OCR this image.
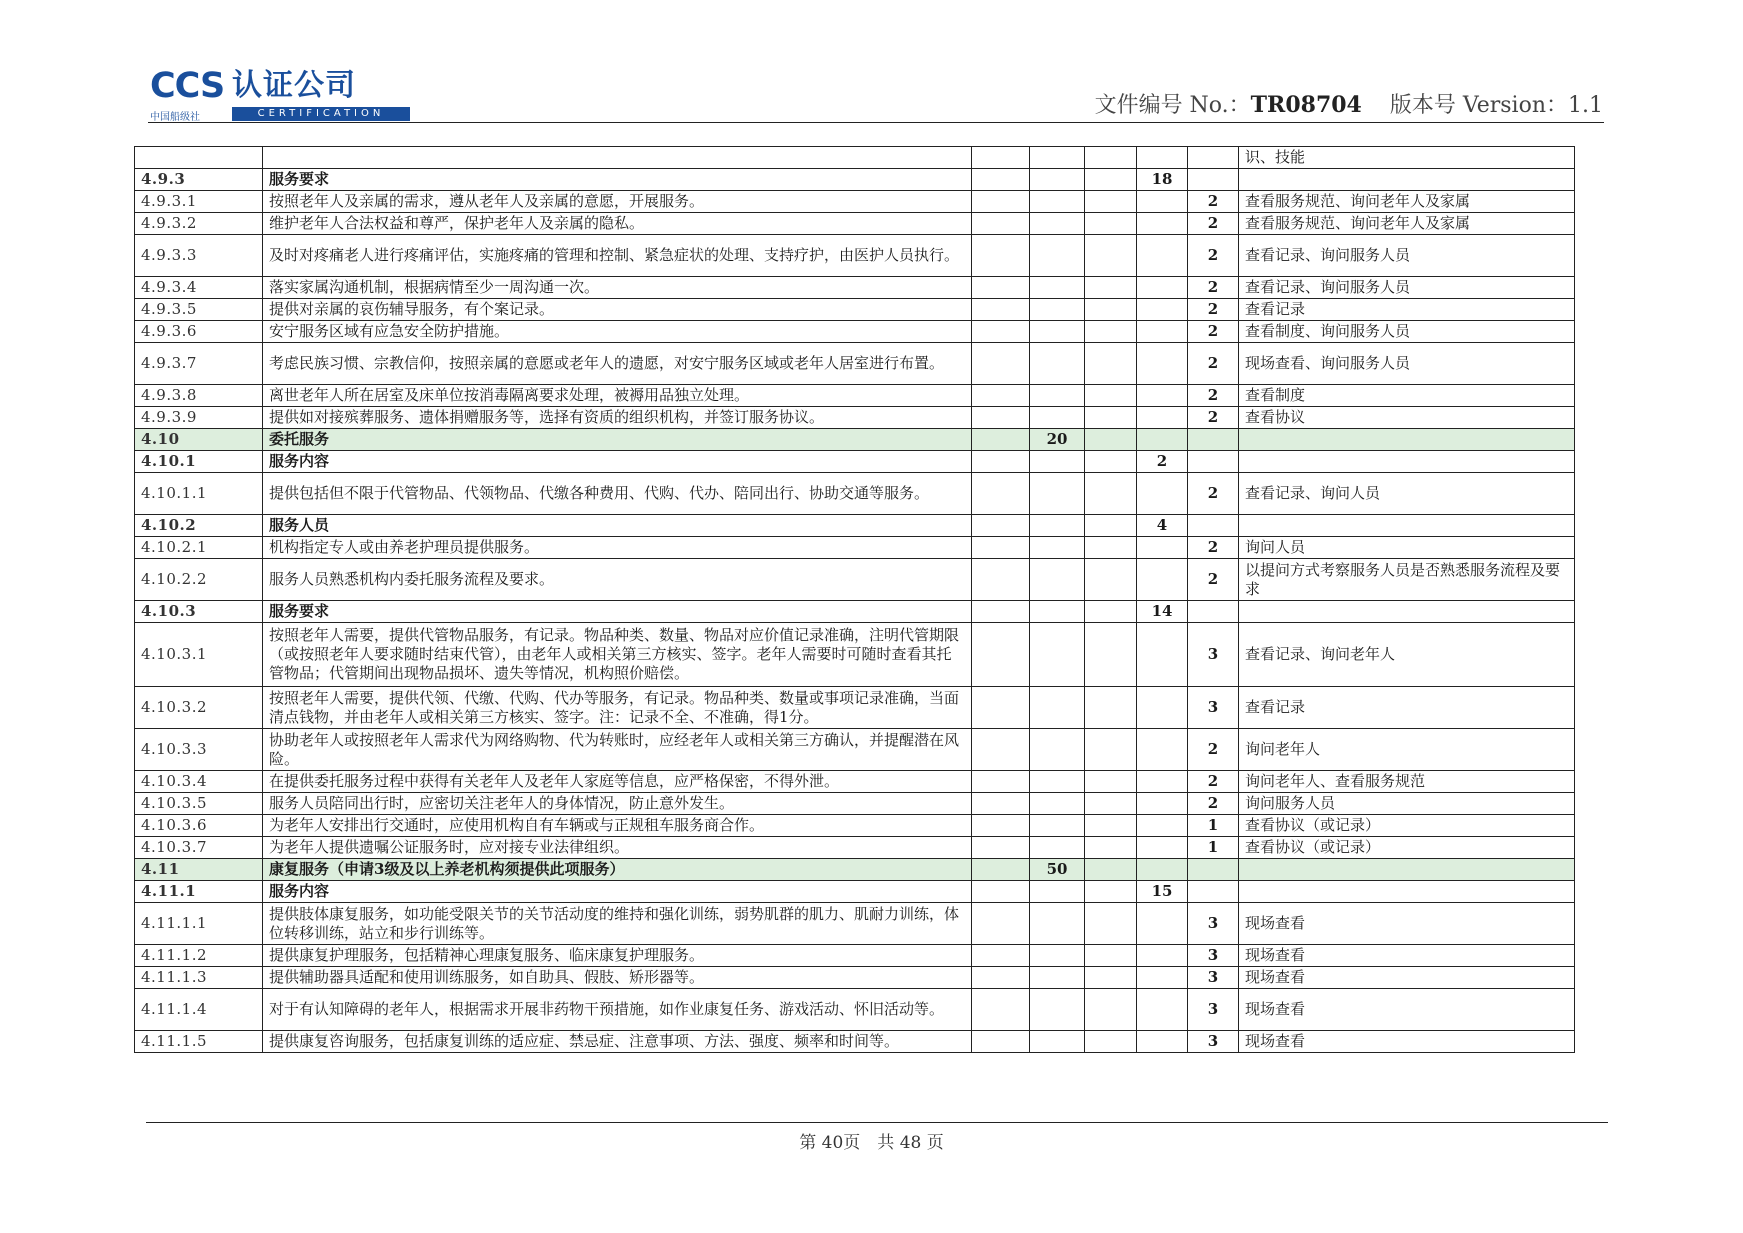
CCS 认证公司
中国船级社	CERTIFICATION	文件编号 No.：TR08704 版本号 Version：1.1
							识、技能
4.9.3	服务要求				18		
4.9.3.1	按照老年人及亲属的需求，遵从老年人及亲属的意愿，开展服务。					2	查看服务规范、询问老年人及家属
4.9.3.2	维护老年人合法权益和尊严，保护老年人及亲属的隐私。					2	查看服务规范、询问老年人及家属
4.9.3.3	及时对疼痛老人进行疼痛评估，实施疼痛的管理和控制、紧急症状的处理、支持疗护，由医护人员执行。					2	查看记录、询问服务人员
4.9.3.4	落实家属沟通机制，根据病情至少一周沟通一次。					2	查看记录、询问服务人员
4.9.3.5	提供对亲属的哀伤辅导服务，有个案记录。					2	查看记录
4.9.3.6	安宁服务区域有应急安全防护措施。					2	查看制度、询问服务人员
4.9.3.7	考虑民族习惯、宗教信仰，按照亲属的意愿或老年人的遗愿，对安宁服务区域或老年人居室进行布置。					2	现场查看、询问服务人员
4.9.3.8	离世老年人所在居室及床单位按消毒隔离要求处理，被褥用品独立处理。					2	查看制度
4.9.3.9	提供如对接殡葬服务、遗体捐赠服务等，选择有资质的组织机构，并签订服务协议。					2	查看协议
4.10	委托服务		20				
4.10.1	服务内容				2		
4.10.1.1	提供包括但不限于代管物品、代领物品、代缴各种费用、代购、代办、陪同出行、协助交通等服务。					2	查看记录、询问人员
4.10.2	服务人员				4		
4.10.2.1	机构指定专人或由养老护理员提供服务。					2	询问人员
4.10.2.2	服务人员熟悉机构内委托服务流程及要求。					2	以提问方式考察服务人员是否熟悉服务流程及要求
4.10.3	服务要求				14		
4.10.3.1	按照老年人需要，提供代管物品服务，有记录。物品种类、数量、物品对应价值记录准确，注明代管期限（或按照老年人要求随时结束代管），由老年人或相关第三方核实、签字。老年人需要时可随时查看其托管物品；代管期间出现物品损坏、遗失等情况，机构照价赔偿。					3	查看记录、询问老年人
4.10.3.2	按照老年人需要，提供代领、代缴、代购、代办等服务，有记录。物品种类、数量或事项记录准确，当面清点钱物，并由老年人或相关第三方核实、签字。注：记录不全、不准确，得1分。					3	查看记录
4.10.3.3	协助老年人或按照老年人需求代为网络购物、代为转账时，应经老年人或相关第三方确认，并提醒潜在风险。					2	询问老年人
4.10.3.4	在提供委托服务过程中获得有关老年人及老年人家庭等信息，应严格保密，不得外泄。					2	询问老年人、查看服务规范
4.10.3.5	服务人员陪同出行时，应密切关注老年人的身体情况，防止意外发生。					2	询问服务人员
4.10.3.6	为老年人安排出行交通时，应使用机构自有车辆或与正规租车服务商合作。					1	查看协议（或记录）
4.10.3.7	为老年人提供遗嘱公证服务时，应对接专业法律组织。					1	查看协议（或记录）
4.11	康复服务（申请3级及以上养老机构须提供此项服务）		50				
4.11.1	服务内容				15		
4.11.1.1	提供肢体康复服务，如功能受限关节的关节活动度的维持和强化训练，弱势肌群的肌力、肌耐力训练，体位转移训练，站立和步行训练等。					3	现场查看
4.11.1.2	提供康复护理服务，包括精神心理康复服务、临床康复护理服务。					3	现场查看
4.11.1.3	提供辅助器具适配和使用训练服务，如自助具、假肢、矫形器等。					3	现场查看
4.11.1.4	对于有认知障碍的老年人，根据需求开展非药物干预措施，如作业康复任务、游戏活动、怀旧活动等。					3	现场查看
4.11.1.5	提供康复咨询服务，包括康复训练的适应症、禁忌症、注意事项、方法、强度、频率和时间等。					3	现场查看
第 40页　共 48 页
